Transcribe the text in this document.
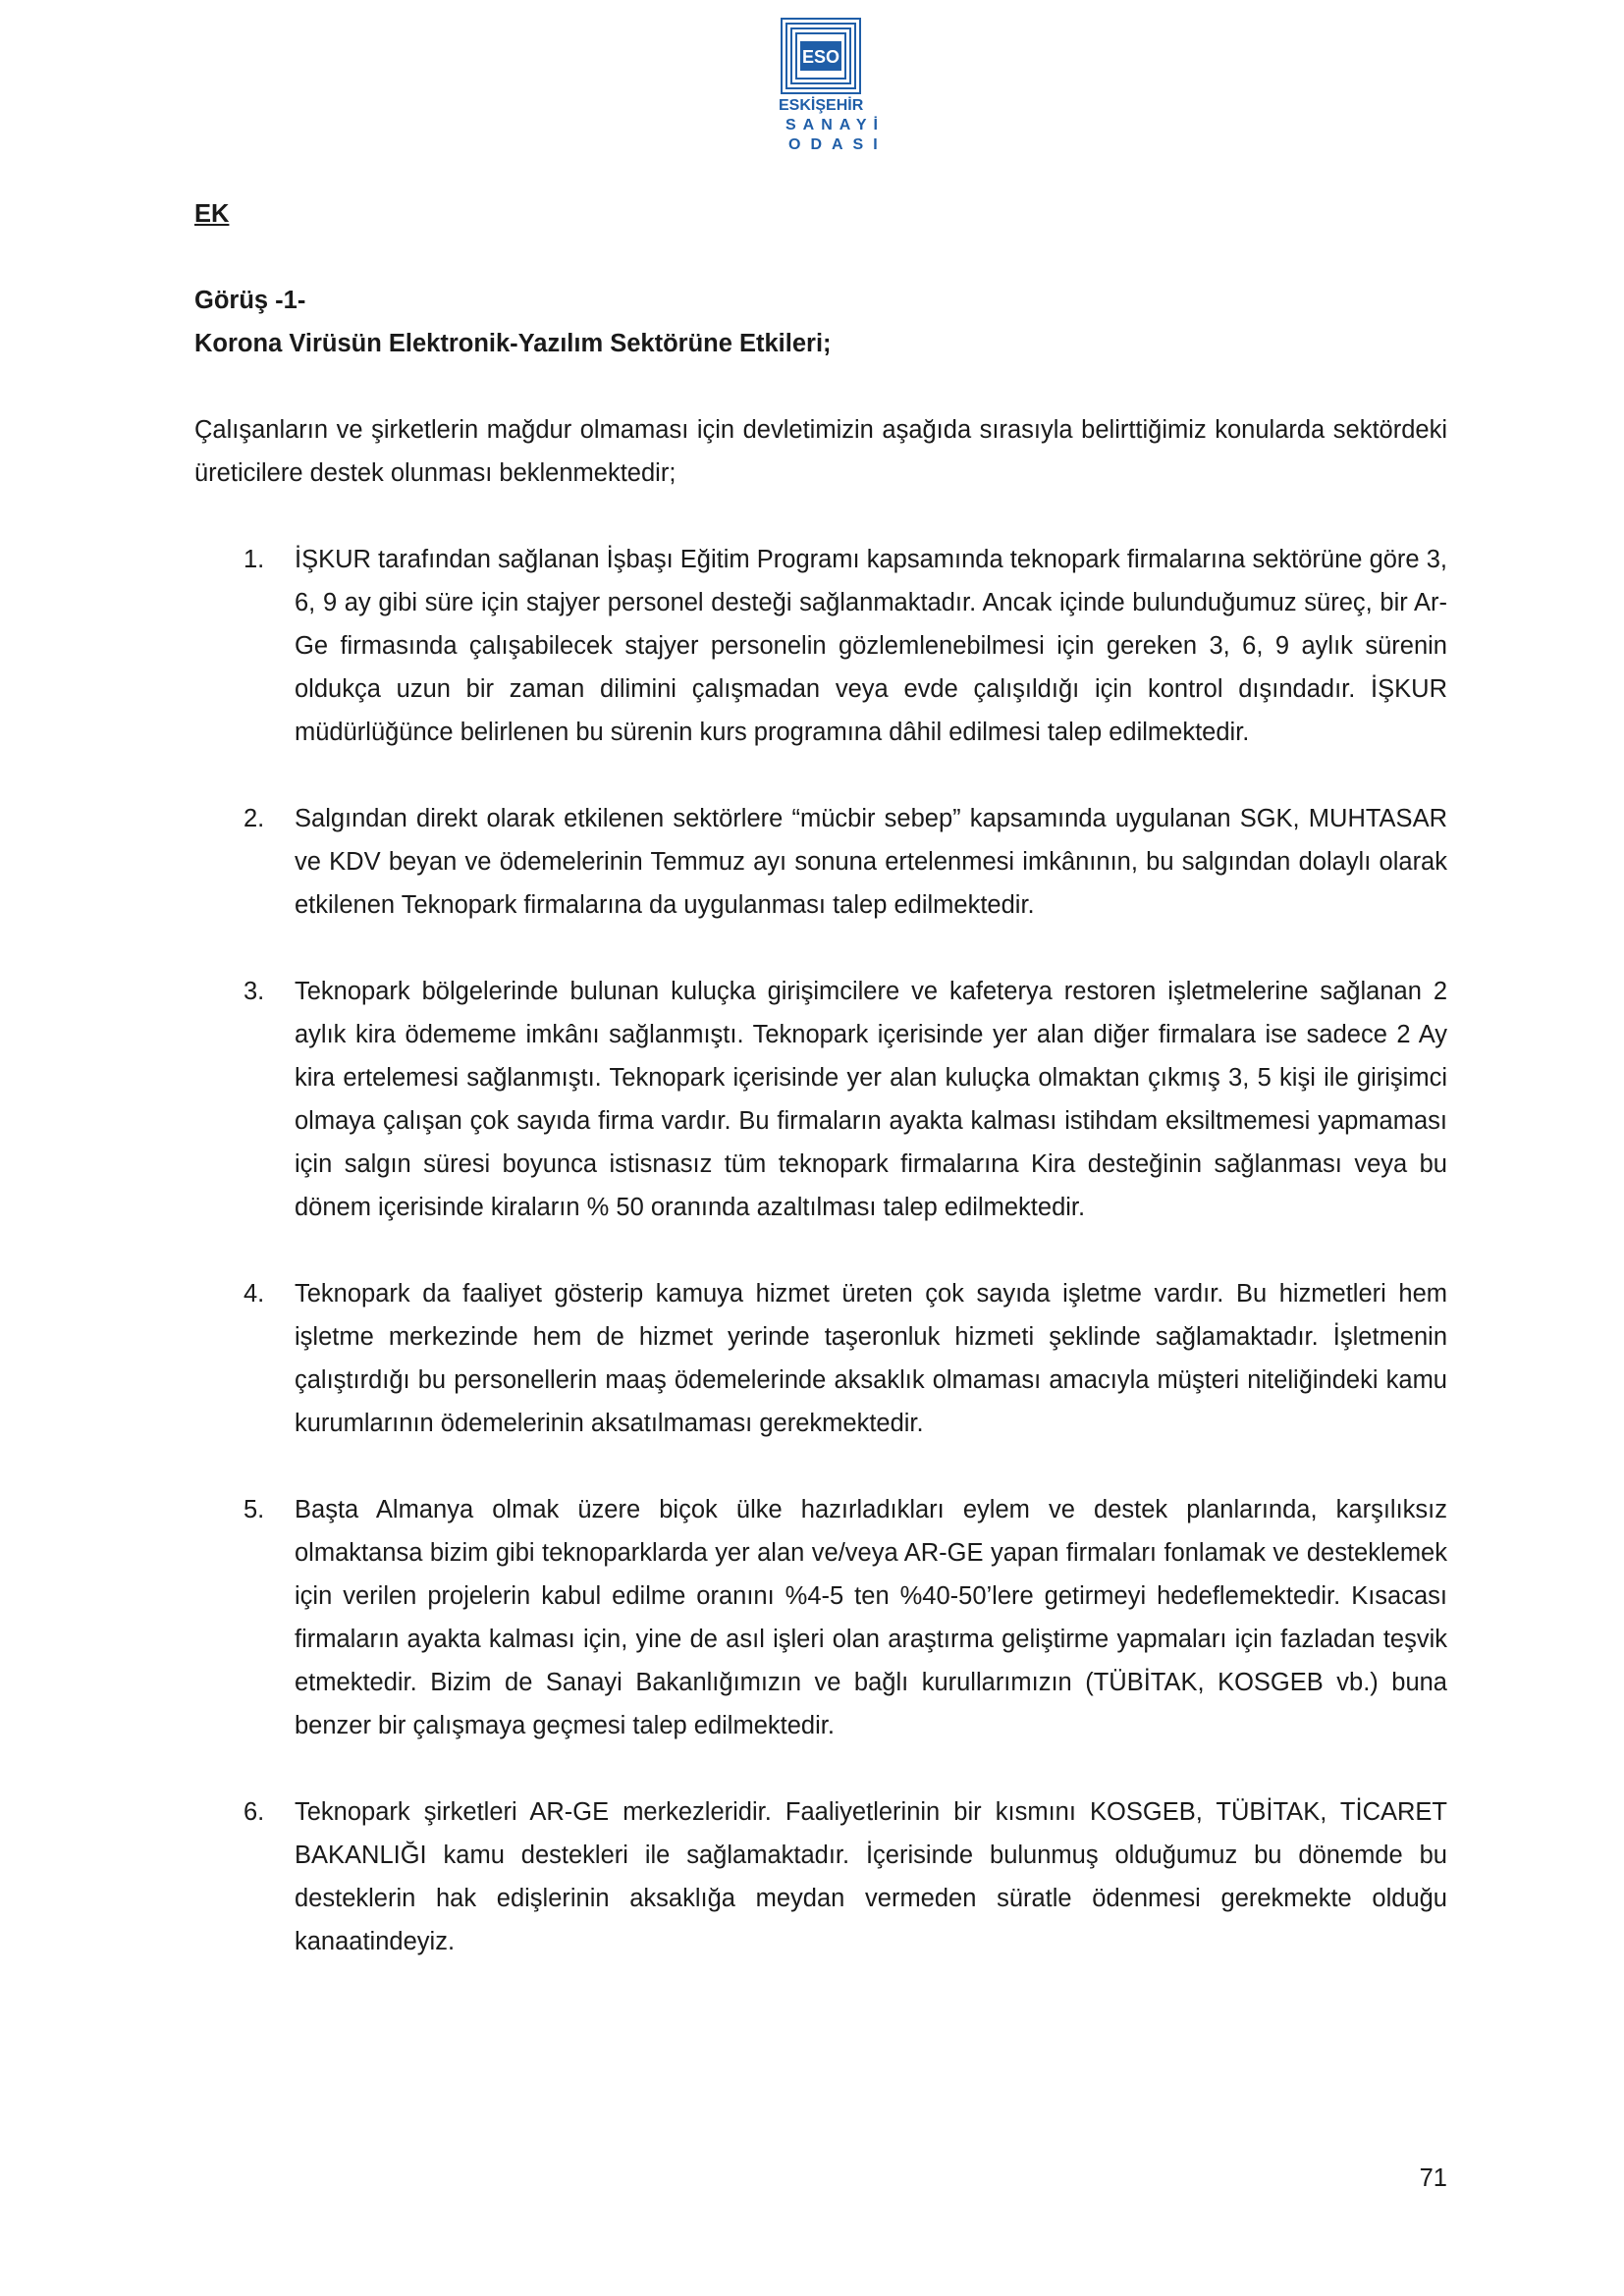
ESO
ESKİŞEHİR
SANAYİ
ODASI

EK

Görüş -1-

Korona Virüsün Elektronik-Yazılım Sektörüne Etkileri;

Çalışanların ve şirketlerin mağdur olmaması için devletimizin aşağıda sırasıyla belirttiğimiz konularda sektördeki üreticilere destek olunması beklenmektedir;

1. İŞKUR tarafından sağlanan İşbaşı Eğitim Programı kapsamında teknopark firmalarına sektörüne göre 3, 6, 9 ay gibi süre için stajyer personel desteği sağlanmaktadır. Ancak içinde bulunduğumuz süreç, bir Ar-Ge firmasında çalışabilecek stajyer personelin gözlemlenebilmesi için gereken 3, 6, 9 aylık sürenin oldukça uzun bir zaman dilimini çalışmadan veya evde çalışıldığı için kontrol dışındadır. İŞKUR müdürlüğünce belirlenen bu sürenin kurs programına dâhil edilmesi talep edilmektedir.
2. Salgından direkt olarak etkilenen sektörlere “mücbir sebep” kapsamında uygulanan SGK, MUHTASAR ve KDV beyan ve ödemelerinin Temmuz ayı sonuna ertelenmesi imkânının, bu salgından dolaylı olarak etkilenen Teknopark firmalarına da uygulanması talep edilmektedir.
3. Teknopark bölgelerinde bulunan kuluçka girişimcilere ve kafeterya restoren işletmelerine sağlanan 2 aylık kira ödememe imkânı sağlanmıştı. Teknopark içerisinde yer alan diğer firmalara ise sadece 2 Ay kira ertelemesi sağlanmıştı. Teknopark içerisinde yer alan kuluçka olmaktan çıkmış 3, 5 kişi ile girişimci olmaya çalışan çok sayıda firma vardır. Bu firmaların ayakta kalması istihdam eksiltmemesi yapmaması için salgın süresi boyunca istisnasız tüm teknopark firmalarına Kira desteğinin sağlanması veya bu dönem içerisinde kiraların % 50 oranında azaltılması talep edilmektedir.
4. Teknopark da faaliyet gösterip kamuya hizmet üreten çok sayıda işletme vardır. Bu hizmetleri hem işletme merkezinde hem de hizmet yerinde taşeronluk hizmeti şeklinde sağlamaktadır. İşletmenin çalıştırdığı bu personellerin maaş ödemelerinde aksaklık olmaması amacıyla müşteri niteliğindeki kamu kurumlarının ödemelerinin aksatılmaması gerekmektedir.
5. Başta Almanya olmak üzere biçok ülke hazırladıkları eylem ve destek planlarında, karşılıksız olmaktansa bizim gibi teknoparklarda yer alan ve/veya AR-GE yapan firmaları fonlamak ve desteklemek için verilen projelerin kabul edilme oranını %4-5 ten %40-50’lere getirmeyi hedeflemektedir. Kısacası firmaların ayakta kalması için, yine de asıl işleri olan araştırma geliştirme yapmaları için fazladan teşvik etmektedir. Bizim de Sanayi Bakanlığımızın ve bağlı kurullarımızın (TÜBİTAK, KOSGEB vb.) buna benzer bir çalışmaya geçmesi talep edilmektedir.
6. Teknopark şirketleri AR-GE merkezleridir. Faaliyetlerinin bir kısmını KOSGEB, TÜBİTAK, TİCARET BAKANLIĞI kamu destekleri ile sağlamaktadır. İçerisinde bulunmuş olduğumuz bu dönemde bu desteklerin hak edişlerinin aksaklığa meydan vermeden süratle ödenmesi gerekmekte olduğu kanaatindeyiz.
71
